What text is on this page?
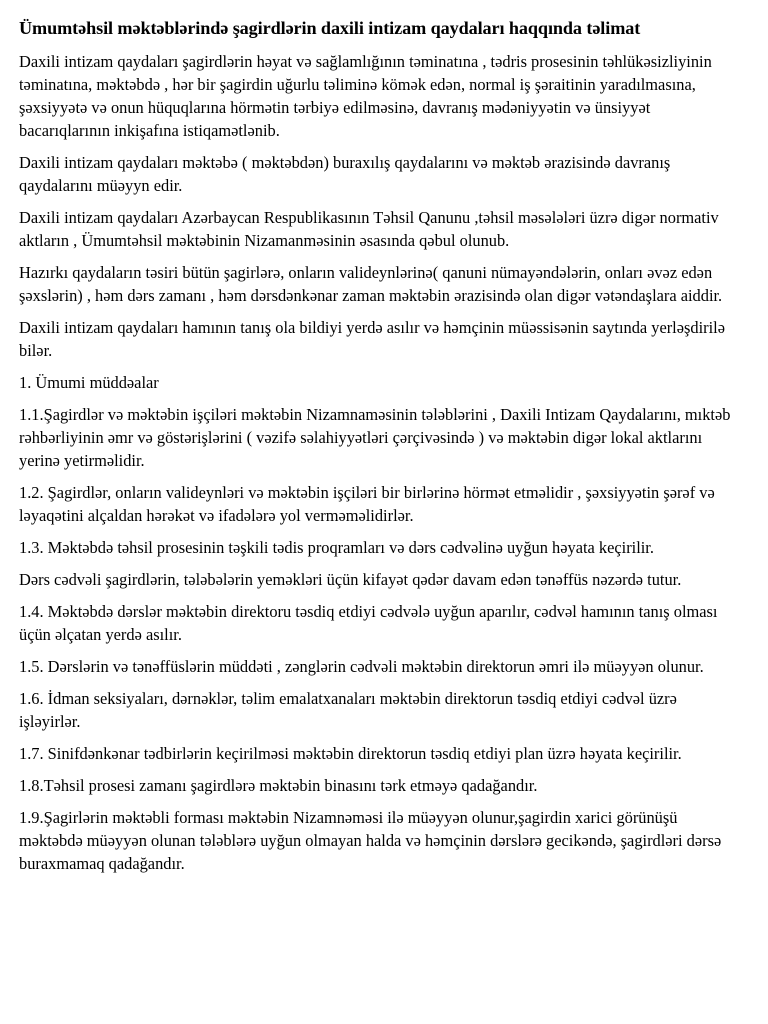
Ümumtəhsil məktəblərində şagirdlərin daxili intizam qaydaları haqqında təlimat

Daxili intizam qaydaları şagirdlərin həyat və sağlamlığının təminatına , tədris prosesinin təhlükəsizliyinin təminatına, məktəbdə , hər bir şagirdin uğurlu təliminə kömək edən, normal iş şəraitinin yaradılmasına, şəxsiyyətə və onun hüquqlarına hörmətin tərbiyə edilməsinə, davranış mədəniyyətin və ünsiyyət bacarıqlarının inkişafına istiqamətlənib.

Daxili intizam qaydaları məktəbə ( məktəbdən) buraxılış qaydalarını və məktəb ərazisində davranış qaydalarını müəyyn edir.

Daxili intizam qaydaları Azərbaycan Respublikasının Təhsil Qanunu ,təhsil məsələləri üzrə digər normativ aktların , Ümumtəhsil məktəbinin Nizamanməsinin əsasında qəbul olunub.

Hazırkı qaydaların təsiri bütün şagirlərə, onların valideynlərinə( qanuni nümayəndələrin, onları əvəz edən şəxslərin) , həm dərs zamanı , həm dərsdənkənar zaman məktəbin ərazisində olan digər vətəndaşlara aiddir.

Daxili intizam qaydaları hamının tanış ola bildiyi yerdə asılır və həmçinin müəssisənin saytında yerləşdirilə bilər.

1. Ümumi müddəalar

1.1.Şagirdlər və məktəbin işçiləri məktəbin Nizamnaməsinin tələblərini , Daxili Intizam Qaydalarını, mıktəb rəhbərliyinin əmr və göstərişlərini ( vəzifə səlahiyyətləri çərçivəsində ) və məktəbin digər lokal aktlarını yerinə yetirməlidir.

1.2. Şagirdlər, onların valideynləri və məktəbin işçiləri bir birlərinə hörmət etməlidir , şəxsiyyətin şərəf və ləyaqətini alçaldan hərəkət və ifadələrə yol verməməlidirlər.

1.3. Məktəbdə təhsil prosesinin təşkili tədis proqramları və dərs cədvəlinə uyğun həyata keçirilir.

Dərs cədvəli şagirdlərin, tələbələrin yeməkləri üçün kifayət qədər davam edən tənəffüs nəzərdə tutur.

1.4. Məktəbdə dərslər məktəbin direktoru təsdiq etdiyi cədvələ uyğun aparılır, cədvəl hamının tanış olması üçün əlçatan yerdə asılır.

1.5. Dərslərin və tənəffüslərin müddəti , zənglərin cədvəli məktəbin direktorun əmri ilə müəyyən olunur.

1.6. İdman seksiyaları, dərnəklər, təlim emalatxanaları məktəbin direktorun təsdiq etdiyi cədvəl üzrə işləyirlər.

1.7. Sinifdənkənar tədbirlərin keçirilməsi məktəbin direktorun təsdiq etdiyi plan üzrə həyata keçirilir.

1.8.Təhsil prosesi zamanı şagirdlərə məktəbin binasını tərk etməyə qadağandır.

1.9.Şagirlərin məktəbli forması məktəbin Nizamnəməsi ilə müəyyən olunur,şagirdin xarici görünüşü məktəbdə müəyyən olunan tələblərə uyğun olmayan halda və həmçinin dərslərə gecikəndə, şagirdləri dərsə buraxmamaq qadağandır.
